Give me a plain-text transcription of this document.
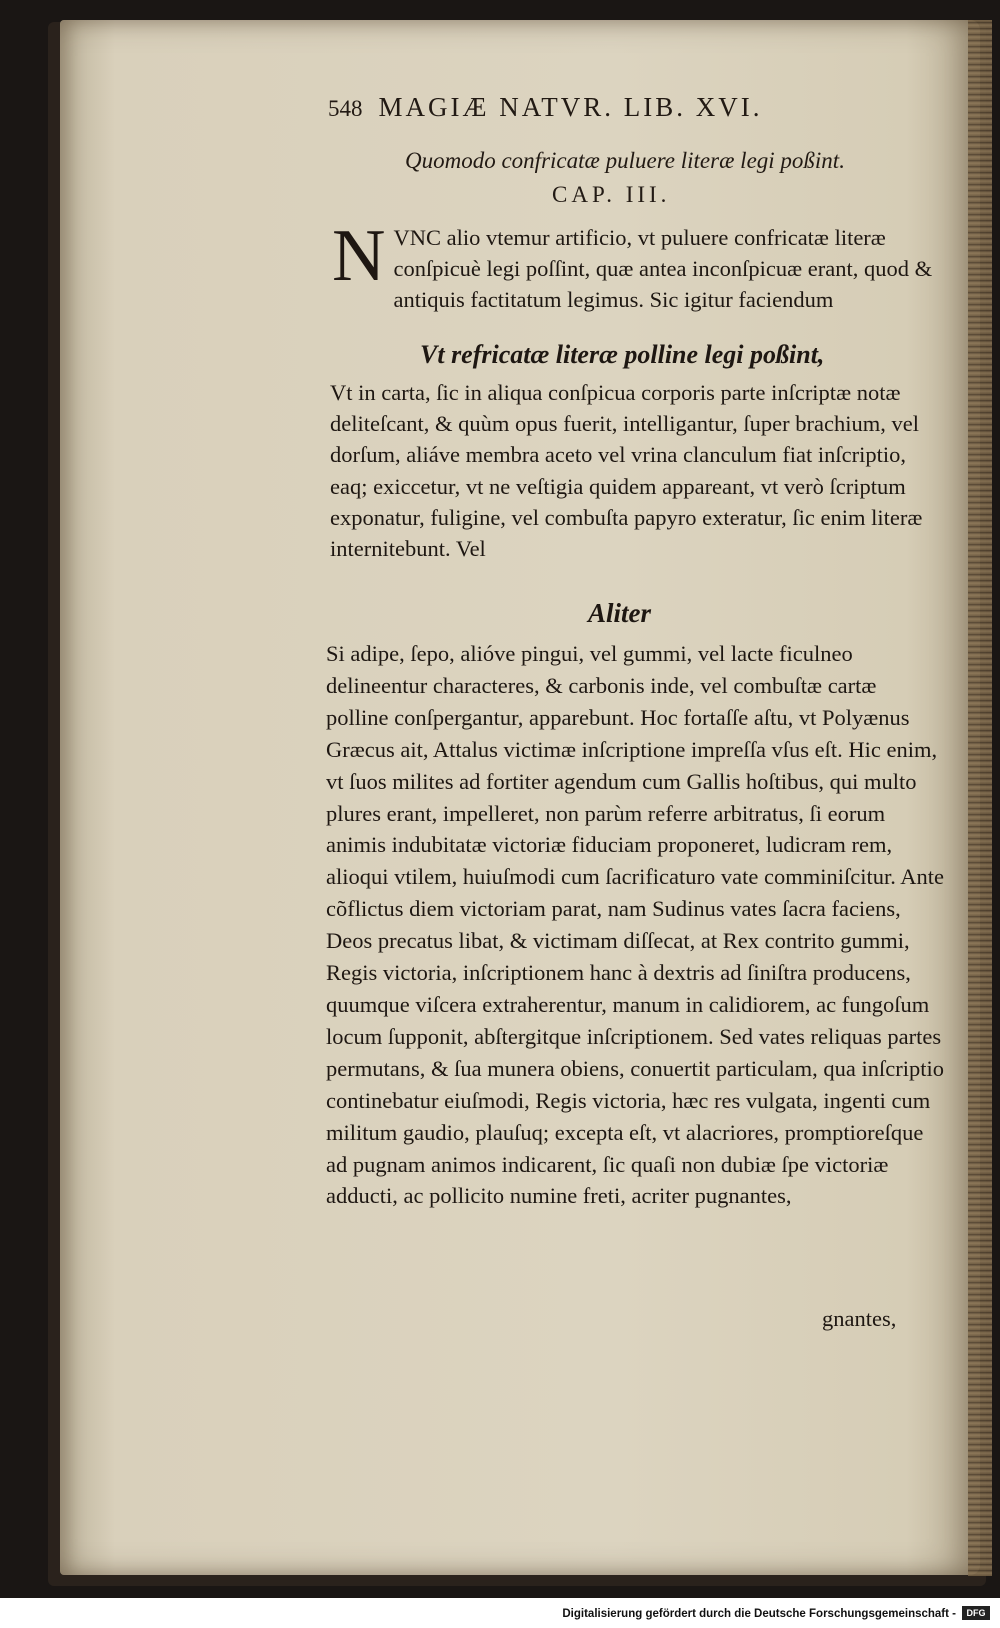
548 MAGIÆ NATVR. LIB. XVI.
Quomodo confricatæ puluere literæ legi poßint.
CAP. III.
N VNC alio vtemur artificio, vt puluere confricatæ literæ conſpicuè legi poſſint, quæ antea inconſpicuæ erant, quod & antiquis factitatum legimus. Sic igitur faciendum

Vt refricatæ literæ polline legi poßint,

Vt in carta, ſic in aliqua conſpicua corporis parte inſcriptæ notæ deliteſcant, & quùm opus fuerit, intelligantur, ſuper brachium, vel dorſum, aliáve membra aceto vel vrina clanculum fiat inſcriptio, eaq; exiccetur, vt ne veſtigia quidem appareant, vt verò ſcriptum exponatur, fuligine, vel combuſta papyro exteratur, ſic enim literæ internitebunt. Vel

Aliter

Si adipe, ſepo, alióve pingui, vel gummi, vel lacte ficulneo delineentur characteres, & carbonis inde, vel combuſtæ cartæ polline conſpergantur, apparebunt. Hoc fortaſſe aſtu, vt Polyænus Græcus ait, Attalus victimæ inſcriptione impreſſa vſus eſt. Hic enim, vt ſuos milites ad fortiter agendum cum Gallis hoſtibus, qui multo plures erant, impelleret, non parùm referre arbitratus, ſi eorum animis indubitatæ victoriæ fiduciam proponeret, ludicram rem, alioqui vtilem, huiuſmodi cum ſacrificaturo vate comminiſcitur. Ante cõflictus diem victoriam parat, nam Sudinus vates ſacra faciens, Deos precatus libat, & victimam diſſecat, at Rex contrito gummi, Regis victoria, inſcriptionem hanc à dextris ad ſiniſtra producens, quumque viſcera extraherentur, manum in calidiorem, ac fungoſum locum ſupponit, abſtergitque inſcriptionem. Sed vates reliquas partes permutans, & ſua munera obiens, conuertit particulam, qua inſcriptio continebatur eiuſmodi, Regis victoria, hæc res vulgata, ingenti cum militum gaudio, plauſuq; excepta eſt, vt alacriores, promptioreſque ad pugnam animos indicarent, ſic quaſi non dubiæ ſpe victoriæ adducti, ac pollicito numine freti, acriter pugnantes,

gnantes,
Digitalisierung gefördert durch die Deutsche Forschungsgemeinschaft -	DFG
